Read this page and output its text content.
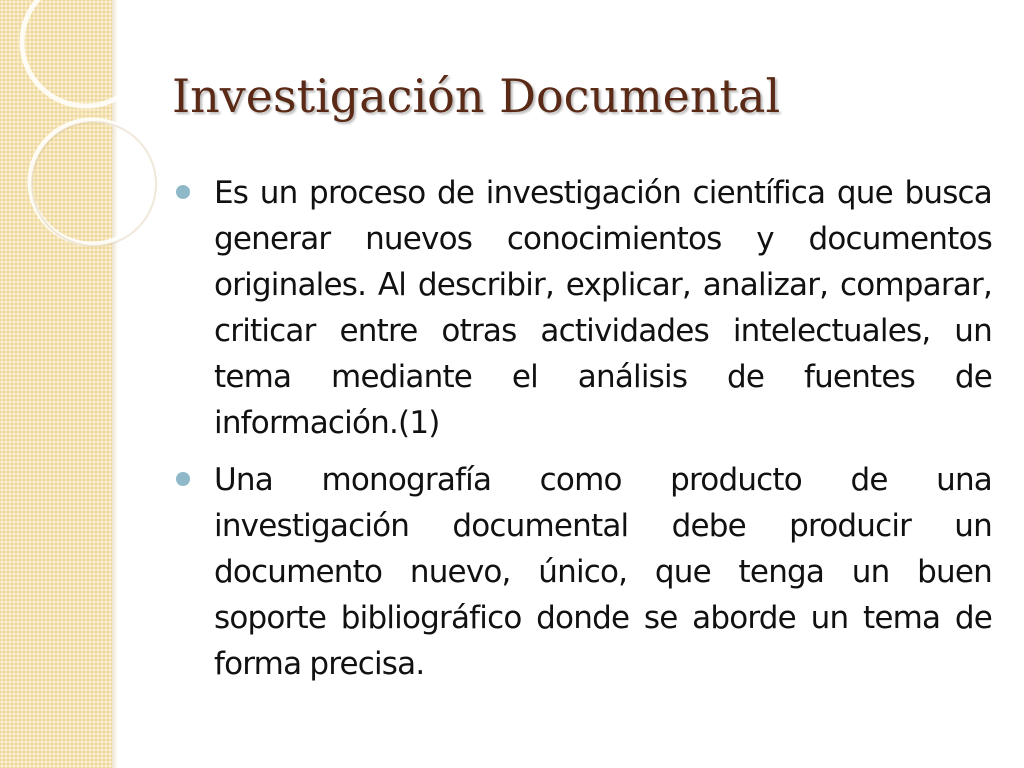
Investigación Documental
Es un proceso de investigación científica que busca generar nuevos conocimientos y documentos originales. Al describir, explicar, analizar, comparar, criticar entre otras actividades intelectuales, un tema mediante el análisis de fuentes de información.(1)
Una monografía como producto de una investigación documental debe producir un documento nuevo, único, que tenga un buen soporte bibliográfico donde se aborde un tema de forma precisa.
